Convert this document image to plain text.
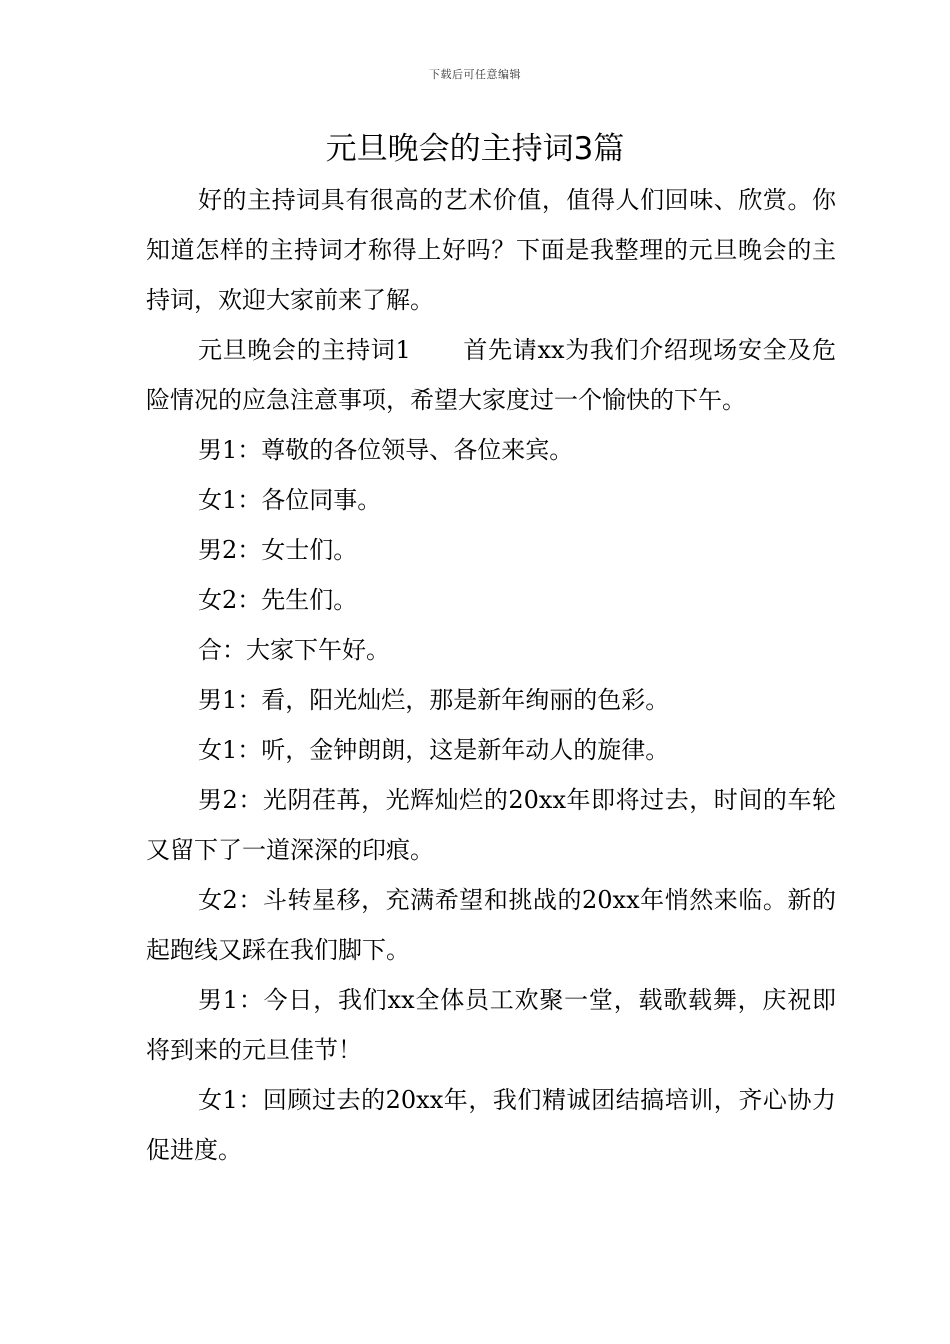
下载后可任意编辑
元旦晚会的主持词3篇

好的主持词具有很高的艺术价值，值得人们回味、欣赏。你知道怎样的主持词才称得上好吗？下面是我整理的元旦晚会的主持词，欢迎大家前来了解。

元旦晚会的主持词1 首先请xx为我们介绍现场安全及危险情况的应急注意事项，希望大家度过一个愉快的下午。

男1：尊敬的各位领导、各位来宾。

女1：各位同事。

男2：女士们。

女2：先生们。

合：大家下午好。

男1：看，阳光灿烂，那是新年绚丽的色彩。

女1：听，金钟朗朗，这是新年动人的旋律。

男2：光阴荏苒，光辉灿烂的20xx年即将过去，时间的车轮又留下了一道深深的印痕。

女2：斗转星移，充满希望和挑战的20xx年悄然来临。新的起跑线又踩在我们脚下。

男1：今日，我们xx全体员工欢聚一堂，载歌载舞，庆祝即将到来的元旦佳节！

女1：回顾过去的20xx年，我们精诚团结搞培训，齐心协力促进度。
